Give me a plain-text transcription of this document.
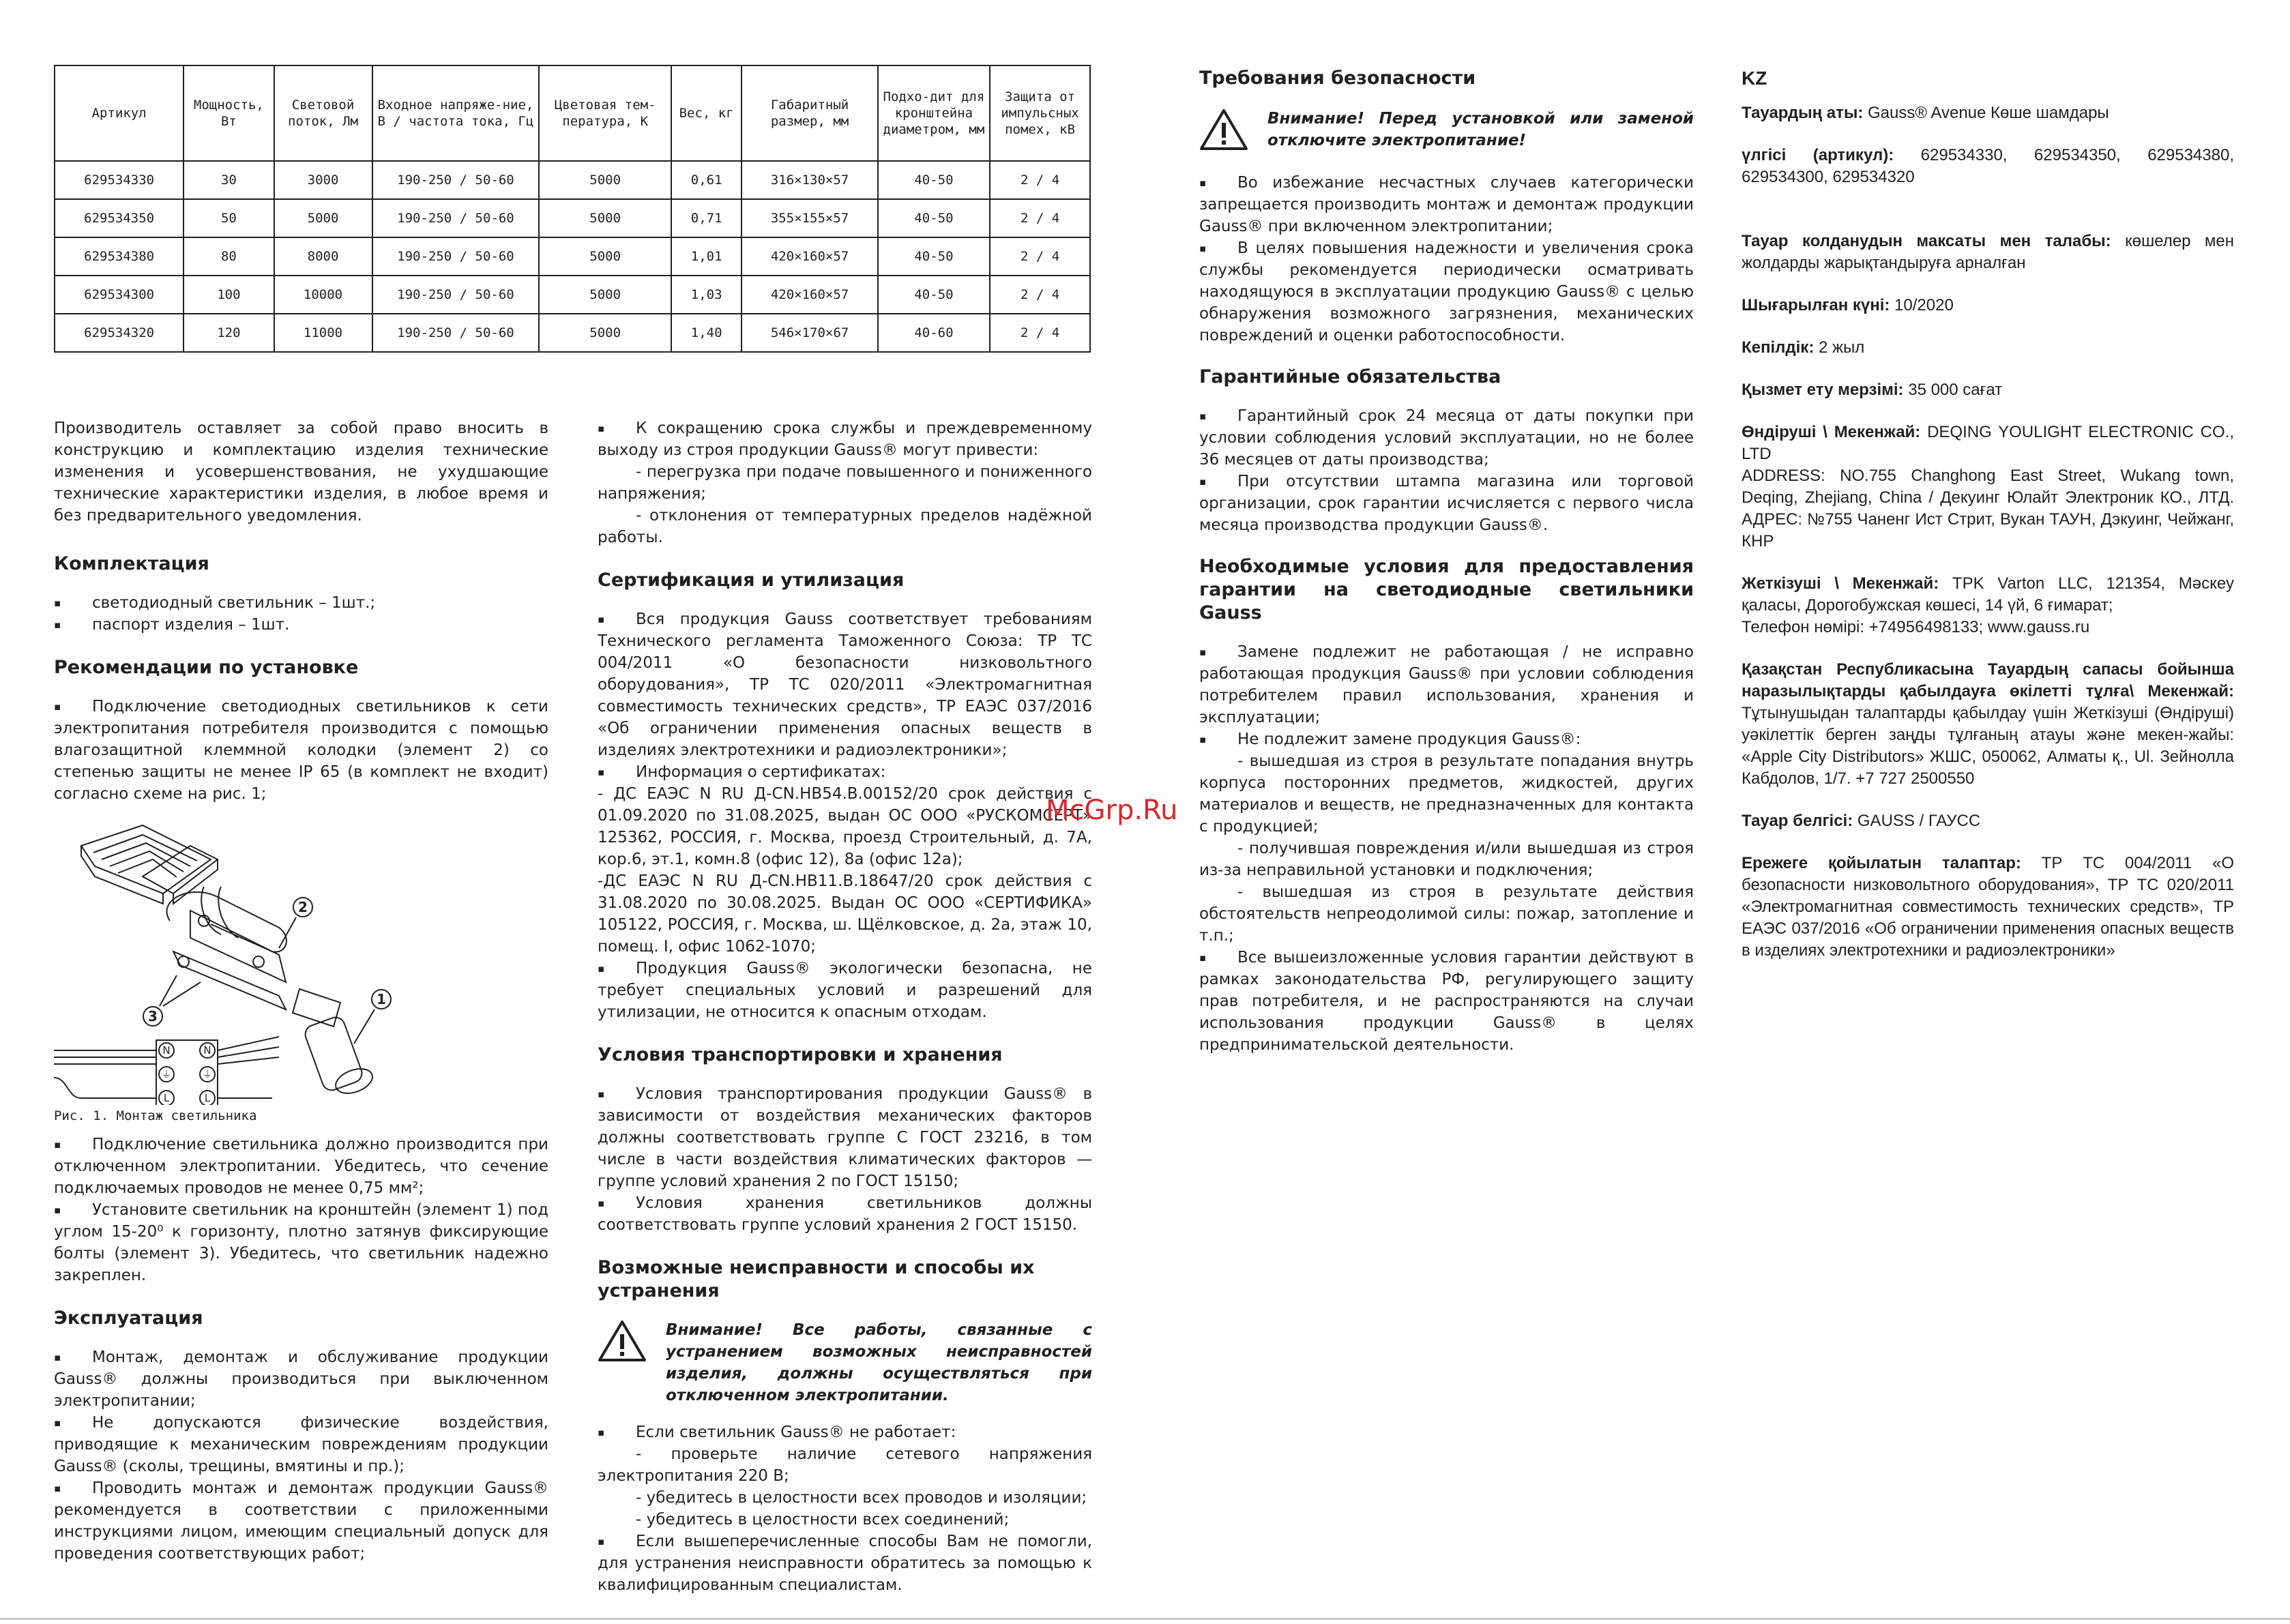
Артикул	Мощность, Вт	Световой поток, Лм	Входное напряже-ние, В / частота тока, Гц	Цветовая тем-пература, К	Вес, кг	Габаритный размер, мм	Подхо-дит для кронштейна диаметром, мм	Защита от импульсных помех, кВ
629534330	30	3000	190-250 / 50-60	5000	0,61	316×130×57	40-50	2 / 4
629534350	50	5000	190-250 / 50-60	5000	0,71	355×155×57	40-50	2 / 4
629534380	80	8000	190-250 / 50-60	5000	1,01	420×160×57	40-50	2 / 4
629534300	100	10000	190-250 / 50-60	5000	1,03	420×160×57	40-50	2 / 4
629534320	120	11000	190-250 / 50-60	5000	1,40	546×170×67	40-60	2 / 4

Производитель оставляет за собой право вносить в конструкцию и комплектацию изделия технические изменения и усовершенствования, не ухудшающие технические характеристики изделия, в любое время и без предварительного уведомления.

Комплектация

▪ светодиодный светильник – 1шт.;

▪ паспорт изделия – 1шт.

Рекомендации по установке

▪ Подключение светодиодных светильников к сети электропитания потребителя производится с помощью влагозащитной клеммной колодки (элемент 2) со степенью защиты не менее IP 65 (в комплект не входит) согласно схеме на рис. 1;

N	N
⏚	⏚
L	L
1
2
3
Рис. 1. Монтаж светильника

▪ Подключение светильника должно производится при отключенном электропитании. Убедитесь, что сечение подключаемых проводов не менее 0,75 мм²;

▪ Установите светильник на кронштейн (элемент 1) под углом 15-20⁰ к горизонту, плотно затянув фиксирующие болты (элемент 3). Убедитесь, что светильник надежно закреплен.

Эксплуатация

▪ Монтаж, демонтаж и обслуживание продукции Gauss® должны производиться при выключенном электропитании;

▪ Не допускаются физические воздействия, приводящие к механическим повреждениям продукции Gauss® (сколы, трещины, вмятины и пр.);

▪ Проводить монтаж и демонтаж продукции Gauss® рекомендуется в соответствии с приложенными инструкциями лицом, имеющим специальный допуск для проведения соответствующих работ;

▪ К сокращению срока службы и преждевременному выходу из строя продукции Gauss® могут привести:

- перегрузка при подаче повышенного и пониженного напряжения;

- отклонения от температурных пределов надёжной работы.

Сертификация и утилизация

▪ Вся продукция Gauss соответствует требованиям Технического регламента Таможенного Союза: ТР ТС 004/2011 «О безопасности низковольтного оборудования», ТР ТС 020/2011 «Электромагнитная совместимость технических средств», ТР ЕАЭС 037/2016 «Об ограничении применения опасных веществ в изделиях электротехники и радиоэлектроники»;

▪ Информация о сертификатах:

- ДС ЕАЭС N RU Д-CN.НВ54.В.00152/20 срок действия с 01.09.2020 по 31.08.2025, выдан ОС ООО «РУСКОМСЕРТ» 125362, РОССИЯ, г. Москва, проезд Строительный, д. 7А, кор.6, эт.1, комн.8 (офис 12), 8а (офис 12а);

-ДС ЕАЭС N RU Д-CN.НВ11.В.18647/20 срок действия с 31.08.2020 по 30.08.2025. Выдан ОС ООО «СЕРТИФИКА» 105122, РОССИЯ, г. Москва, ш. Щёлковское, д. 2а, этаж 10, помещ. I, офис 1062-1070;

▪ Продукция Gauss® экологически безопасна, не требует специальных условий и разрешений для утилизации, не относится к опасным отходам.

Условия транспортировки и хранения

▪ Условия транспортирования продукции Gauss® в зависимости от воздействия механических факторов должны соответствовать группе С ГОСТ 23216, в том числе в части воздействия климатических факторов — группе условий хранения 2 по ГОСТ 15150;

▪ Условия хранения светильников должны соответствовать группе условий хранения 2 ГОСТ 15150.

Возможные неисправности и способы их устранения

Внимание! Все работы, связанные с устранением возможных неисправностей изделия, должны осуществляться при отключенном электропитании.

▪ Если светильник Gauss® не работает:

- проверьте наличие сетевого напряжения электропитания 220 В;

- убедитесь в целостности всех проводов и изоляции;

- убедитесь в целостности всех соединений;

▪ Если вышеперечисленные способы Вам не помогли, для устранения неисправности обратитесь за помощью к квалифицированным специалистам.

Требования безопасности

Внимание! Перед установкой или заменой отключите электропитание!

▪ Во избежание несчастных случаев категорически запрещается производить монтаж и демонтаж продукции Gauss® при включенном электропитании;

▪ В целях повышения надежности и увеличения срока службы рекомендуется периодически осматривать находящуюся в эксплуатации продукцию Gauss® с целью обнаружения возможного загрязнения, механических повреждений и оценки работоспособности.

Гарантийные обязательства

▪ Гарантийный срок 24 месяца от даты покупки при условии соблюдения условий эксплуатации, но не более 36 месяцев от даты производства;

▪ При отсутствии штампа магазина или торговой организации, срок гарантии исчисляется с первого числа месяца производства продукции Gauss®.

Необходимые условия для предоставления гарантии на светодиодные светильники Gauss

▪ Замене подлежит не работающая / не исправно работающая продукция Gauss® при условии соблюдения потребителем правил использования, хранения и эксплуатации;

▪ Не подлежит замене продукция Gauss®:

- вышедшая из строя в результате попадания внутрь корпуса посторонних предметов, жидкостей, других материалов и веществ, не предназначенных для контакта с продукцией;

- получившая повреждения и/или вышедшая из строя из-за неправильной установки и подключения;

- вышедшая из строя в результате действия обстоятельств непреодолимой силы: пожар, затопление и т.п.;

▪ Все вышеизложенные условия гарантии действуют в рамках законодательства РФ, регулирующего защиту прав потребителя, и не распространяются на случаи использования продукции Gauss® в целях предпринимательской деятельности.

KZ

Тауардың аты: Gauss® Avenue Көше шамдары

үлгісі (артикул): 629534330, 629534350, 629534380, 629534300, 629534320

Тауар колданудын максаты мен талабы: көшелер мен жолдарды жарықтандыруға арналған

Шығарылған күні: 10/2020

Кепілдік: 2 жыл

Қызмет ету мерзімі: 35 000 сағат

Өндіруші \ Мекенжай: DEQING YOULIGHT ELECTRONIC CO., LTD

ADDRESS: NO.755 Changhong East Street, Wukang town, Deqing, Zhejiang, China / Декуинг Юлайт Электроник КО., ЛТД. АДРЕС: №755 Чаненг Ист Стрит, Вукан ТАУН, Дэкуинг, Чейжанг, КНР

Жеткізуші \ Мекенжай: TPK Varton LLC, 121354, Мәскеу қаласы, Дорогобужская көшесі, 14 үй, 6 ғимарат;

Телефон нөмірі: +74956498133; www.gauss.ru

Қазақстан Республикасына Тауардың сапасы бойынша наразылықтарды қабылдауға өкілетті тұлға\ Мекенжай: Тұтынушыдан талаптарды қабылдау үшін Жеткізуші (Өндіруші) уәкілеттік берген заңды тұлғаның атауы және мекен-жайы: «Apple City Distributors» ЖШС, 050062, Алматы қ., Ul. Зейнолла Кабдолов, 1/7. +7 727 2500550

Тауар белгісі: GAUSS / ГАУСС

Ережеге қойылатын талаптар: ТР ТС 004/2011 «О безопасности низковольтного оборудования», ТР ТС 020/2011 «Электромагнитная совместимость технических средств», ТР ЕАЭС 037/2016 «Об ограничении применения опасных веществ в изделиях электротехники и радиоэлектроники»

McGrp.Ru
